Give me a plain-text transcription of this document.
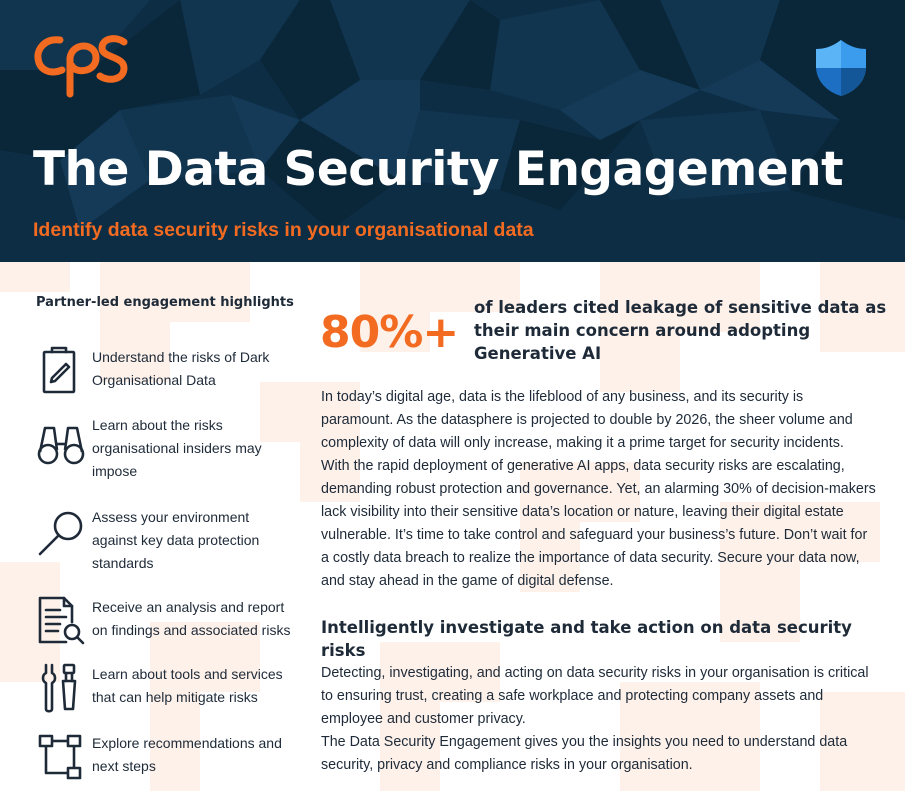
The Data Security Engagement

Identify data security risks in your organisational data

Partner-led engagement highlights
Understand the risks of Dark Organisational Data
Learn about the risks organisational insiders may impose
Assess your environment against key data protection standards
Receive an analysis and report on findings and associated risks
Learn about tools and services that can help mitigate risks
Explore recommendations and next steps

80%+ of leaders cited leakage of sensitive data as their main concern around adopting Generative AI

In today’s digital age, data is the lifeblood of any business, and its security is paramount. As the datasphere is projected to double by 2026, the sheer volume and complexity of data will only increase, making it a prime target for security incidents. With the rapid deployment of generative AI apps, data security risks are escalating, demanding robust protection and governance. Yet, an alarming 30% of decision-makers lack visibility into their sensitive data’s location or nature, leaving their digital estate vulnerable. It’s time to take control and safeguard your business’s future. Don’t wait for a costly data breach to realize the importance of data security. Secure your data now, and stay ahead in the game of digital defense.

Intelligently investigate and take action on data security risks
Detecting, investigating, and acting on data security risks in your organisation is critical to ensuring trust, creating a safe workplace and protecting company assets and employee and customer privacy.
The Data Security Engagement gives you the insights you need to understand data security, privacy and compliance risks in your organisation.
